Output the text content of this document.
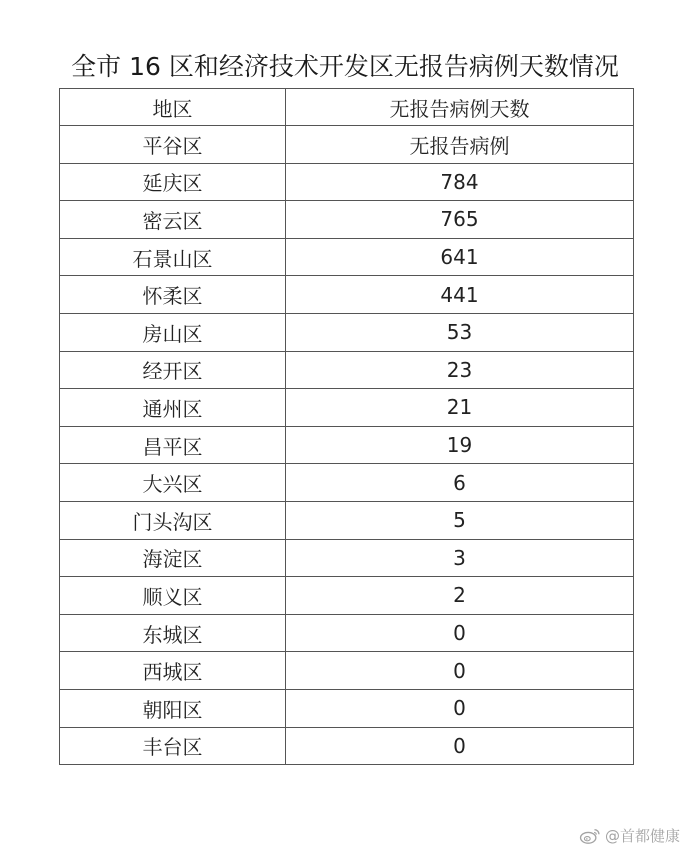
全市 16 区和经济技术开发区无报告病例天数情况
地区	无报告病例天数
平谷区	无报告病例
延庆区	784
密云区	765
石景山区	641
怀柔区	441
房山区	53
经开区	23
通州区	21
昌平区	19
大兴区	6
门头沟区	5
海淀区	3
顺义区	2
东城区	0
西城区	0
朝阳区	0
丰台区	0
@首都健康
